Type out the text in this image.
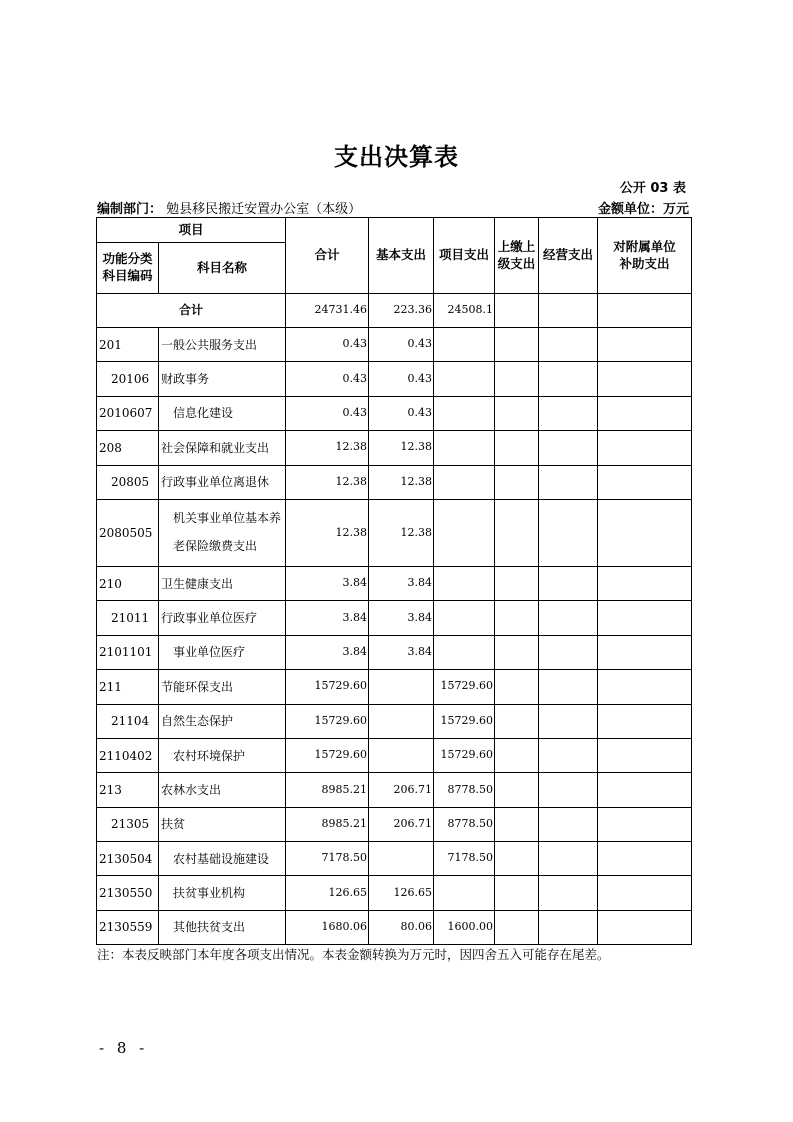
支出决算表
公开 03 表
编制部门： 勉县移民搬迁安置办公室（本级）	金额单位：万元
项目		合计	基本支出	项目支出	上缴上级支出	经营支出	对附属单位补助支出
功能分类科目编码	科目名称						
合计		24731.46	223.36	24508.1			
201	一般公共服务支出	0.43	0.43				
20106	财政事务	0.43	0.43				
2010607	信息化建设	0.43	0.43				
208	社会保障和就业支出	12.38	12.38				
20805	行政事业单位离退休	12.38	12.38				
2080505	机关事业单位基本养老保险缴费支出	12.38	12.38				
210	卫生健康支出	3.84	3.84				
21011	行政事业单位医疗	3.84	3.84				
2101101	事业单位医疗	3.84	3.84				
211	节能环保支出	15729.60		15729.60			
21104	自然生态保护	15729.60		15729.60			
2110402	农村环境保护	15729.60		15729.60			
213	农林水支出	8985.21	206.71	8778.50			
21305	扶贫	8985.21	206.71	8778.50			
2130504	农村基础设施建设	7178.50		7178.50			
2130550	扶贫事业机构	126.65	126.65				
2130559	其他扶贫支出	1680.06	80.06	1600.00			
注：本表反映部门本年度各项支出情况。本表金额转换为万元时，因四舍五入可能存在尾差。
- 8 -
